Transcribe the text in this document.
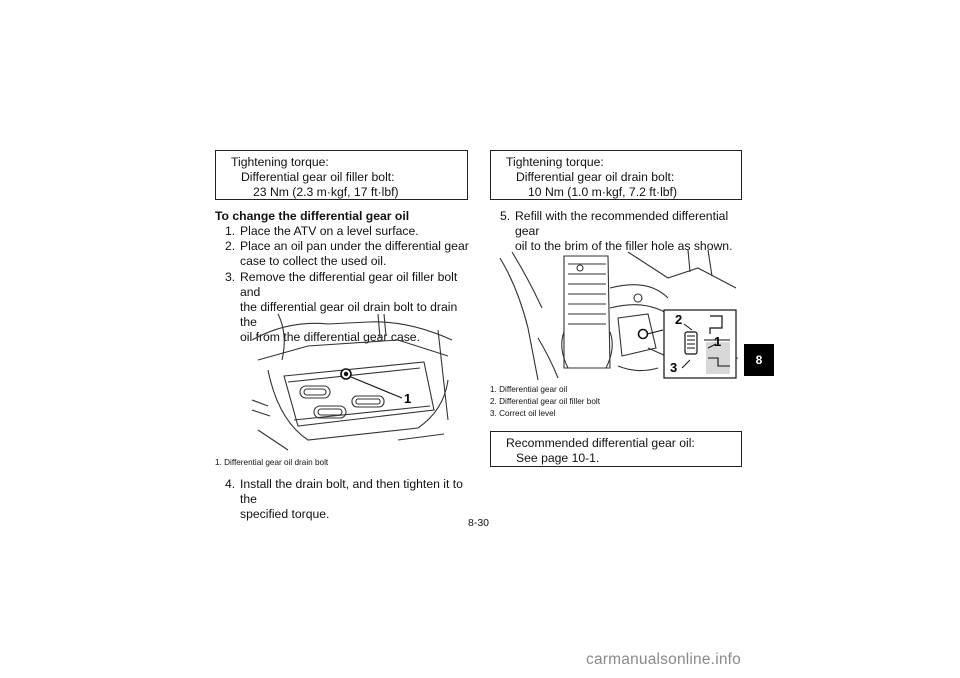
Tightening torque:
Differential gear oil filler bolt:
23 Nm (2.3 m·kgf, 17 ft·lbf)
To change the differential gear oil
1. Place the ATV on a level surface.
2. Place an oil pan under the differential gear
case to collect the used oil.
3. Remove the differential gear oil filler bolt and
the differential gear oil drain bolt to drain the
oil from the differential gear case.
1
1. Differential gear oil drain bolt
4. Install the drain bolt, and then tighten it to the
specified torque.
Tightening torque:
Differential gear oil drain bolt:
10 Nm (1.0 m·kgf, 7.2 ft·lbf)
5. Refill with the recommended differential gear
oil to the brim of the filler hole as shown.
2
1
3
1. Differential gear oil
2. Differential gear oil filler bolt
3. Correct oil level
Recommended differential gear oil:
See page 10-1.
8
8-30
carmanualsonline.info
